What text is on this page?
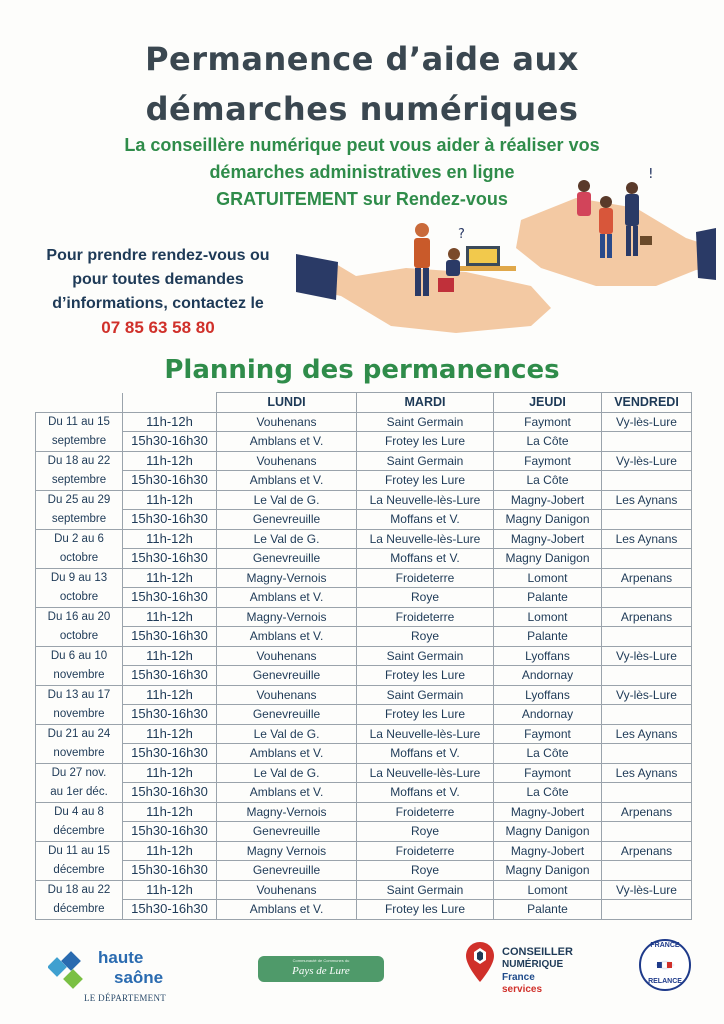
Permanence d’aide aux
démarches numériques
La conseillère numérique peut vous aider à réaliser vos
démarches administratives en ligne
GRATUITEMENT sur Rendez-vous
Pour prendre rendez-vous ou
pour toutes demandes
d’informations, contactez le
07 85 63 58 80
?
!
Planning des permanences
		LUNDI	MARDI	JEUDI	VENDREDI
Du 11 au 15	11h-12h	Vouhenans	Saint Germain	Faymont	Vy-lès-Lure
septembre	15h30-16h30	Amblans et V.	Frotey les Lure	La Côte	
Du 18 au 22	11h-12h	Vouhenans	Saint Germain	Faymont	Vy-lès-Lure
septembre	15h30-16h30	Amblans et V.	Frotey les Lure	La Côte	
Du 25 au 29	11h-12h	Le Val de G.	La Neuvelle-lès-Lure	Magny-Jobert	Les Aynans
septembre	15h30-16h30	Genevreuille	Moffans et V.	Magny Danigon	
Du 2 au 6	11h-12h	Le Val de G.	La Neuvelle-lès-Lure	Magny-Jobert	Les Aynans
octobre	15h30-16h30	Genevreuille	Moffans et V.	Magny Danigon	
Du 9 au 13	11h-12h	Magny-Vernois	Froideterre	Lomont	Arpenans
octobre	15h30-16h30	Amblans et V.	Roye	Palante	
Du 16 au 20	11h-12h	Magny-Vernois	Froideterre	Lomont	Arpenans
octobre	15h30-16h30	Amblans et V.	Roye	Palante	
Du 6 au 10	11h-12h	Vouhenans	Saint Germain	Lyoffans	Vy-lès-Lure
novembre	15h30-16h30	Genevreuille	Frotey les Lure	Andornay	
Du 13 au 17	11h-12h	Vouhenans	Saint Germain	Lyoffans	Vy-lès-Lure
novembre	15h30-16h30	Genevreuille	Frotey les Lure	Andornay	
Du 21 au 24	11h-12h	Le Val de G.	La Neuvelle-lès-Lure	Faymont	Les Aynans
novembre	15h30-16h30	Amblans et V.	Moffans et V.	La Côte	
Du 27 nov.	11h-12h	Le Val de G.	La Neuvelle-lès-Lure	Faymont	Les Aynans
au 1er déc.	15h30-16h30	Amblans et V.	Moffans et V.	La Côte	
Du 4 au 8	11h-12h	Magny-Vernois	Froideterre	Magny-Jobert	Arpenans
décembre	15h30-16h30	Genevreuille	Roye	Magny Danigon	
Du 11 au 15	11h-12h	Magny Vernois	Froideterre	Magny-Jobert	Arpenans
décembre	15h30-16h30	Genevreuille	Roye	Magny Danigon	
Du 18 au 22	11h-12h	Vouhenans	Saint Germain	Lomont	Vy-lès-Lure
décembre	15h30-16h30	Amblans et V.	Frotey les Lure	Palante	
haute
saône
LE DÉPARTEMENT
Communauté de Communes du
Pays de Lure
CONSEILLER
NUMÉRIQUE
France
services
FRANCE
RELANCE
